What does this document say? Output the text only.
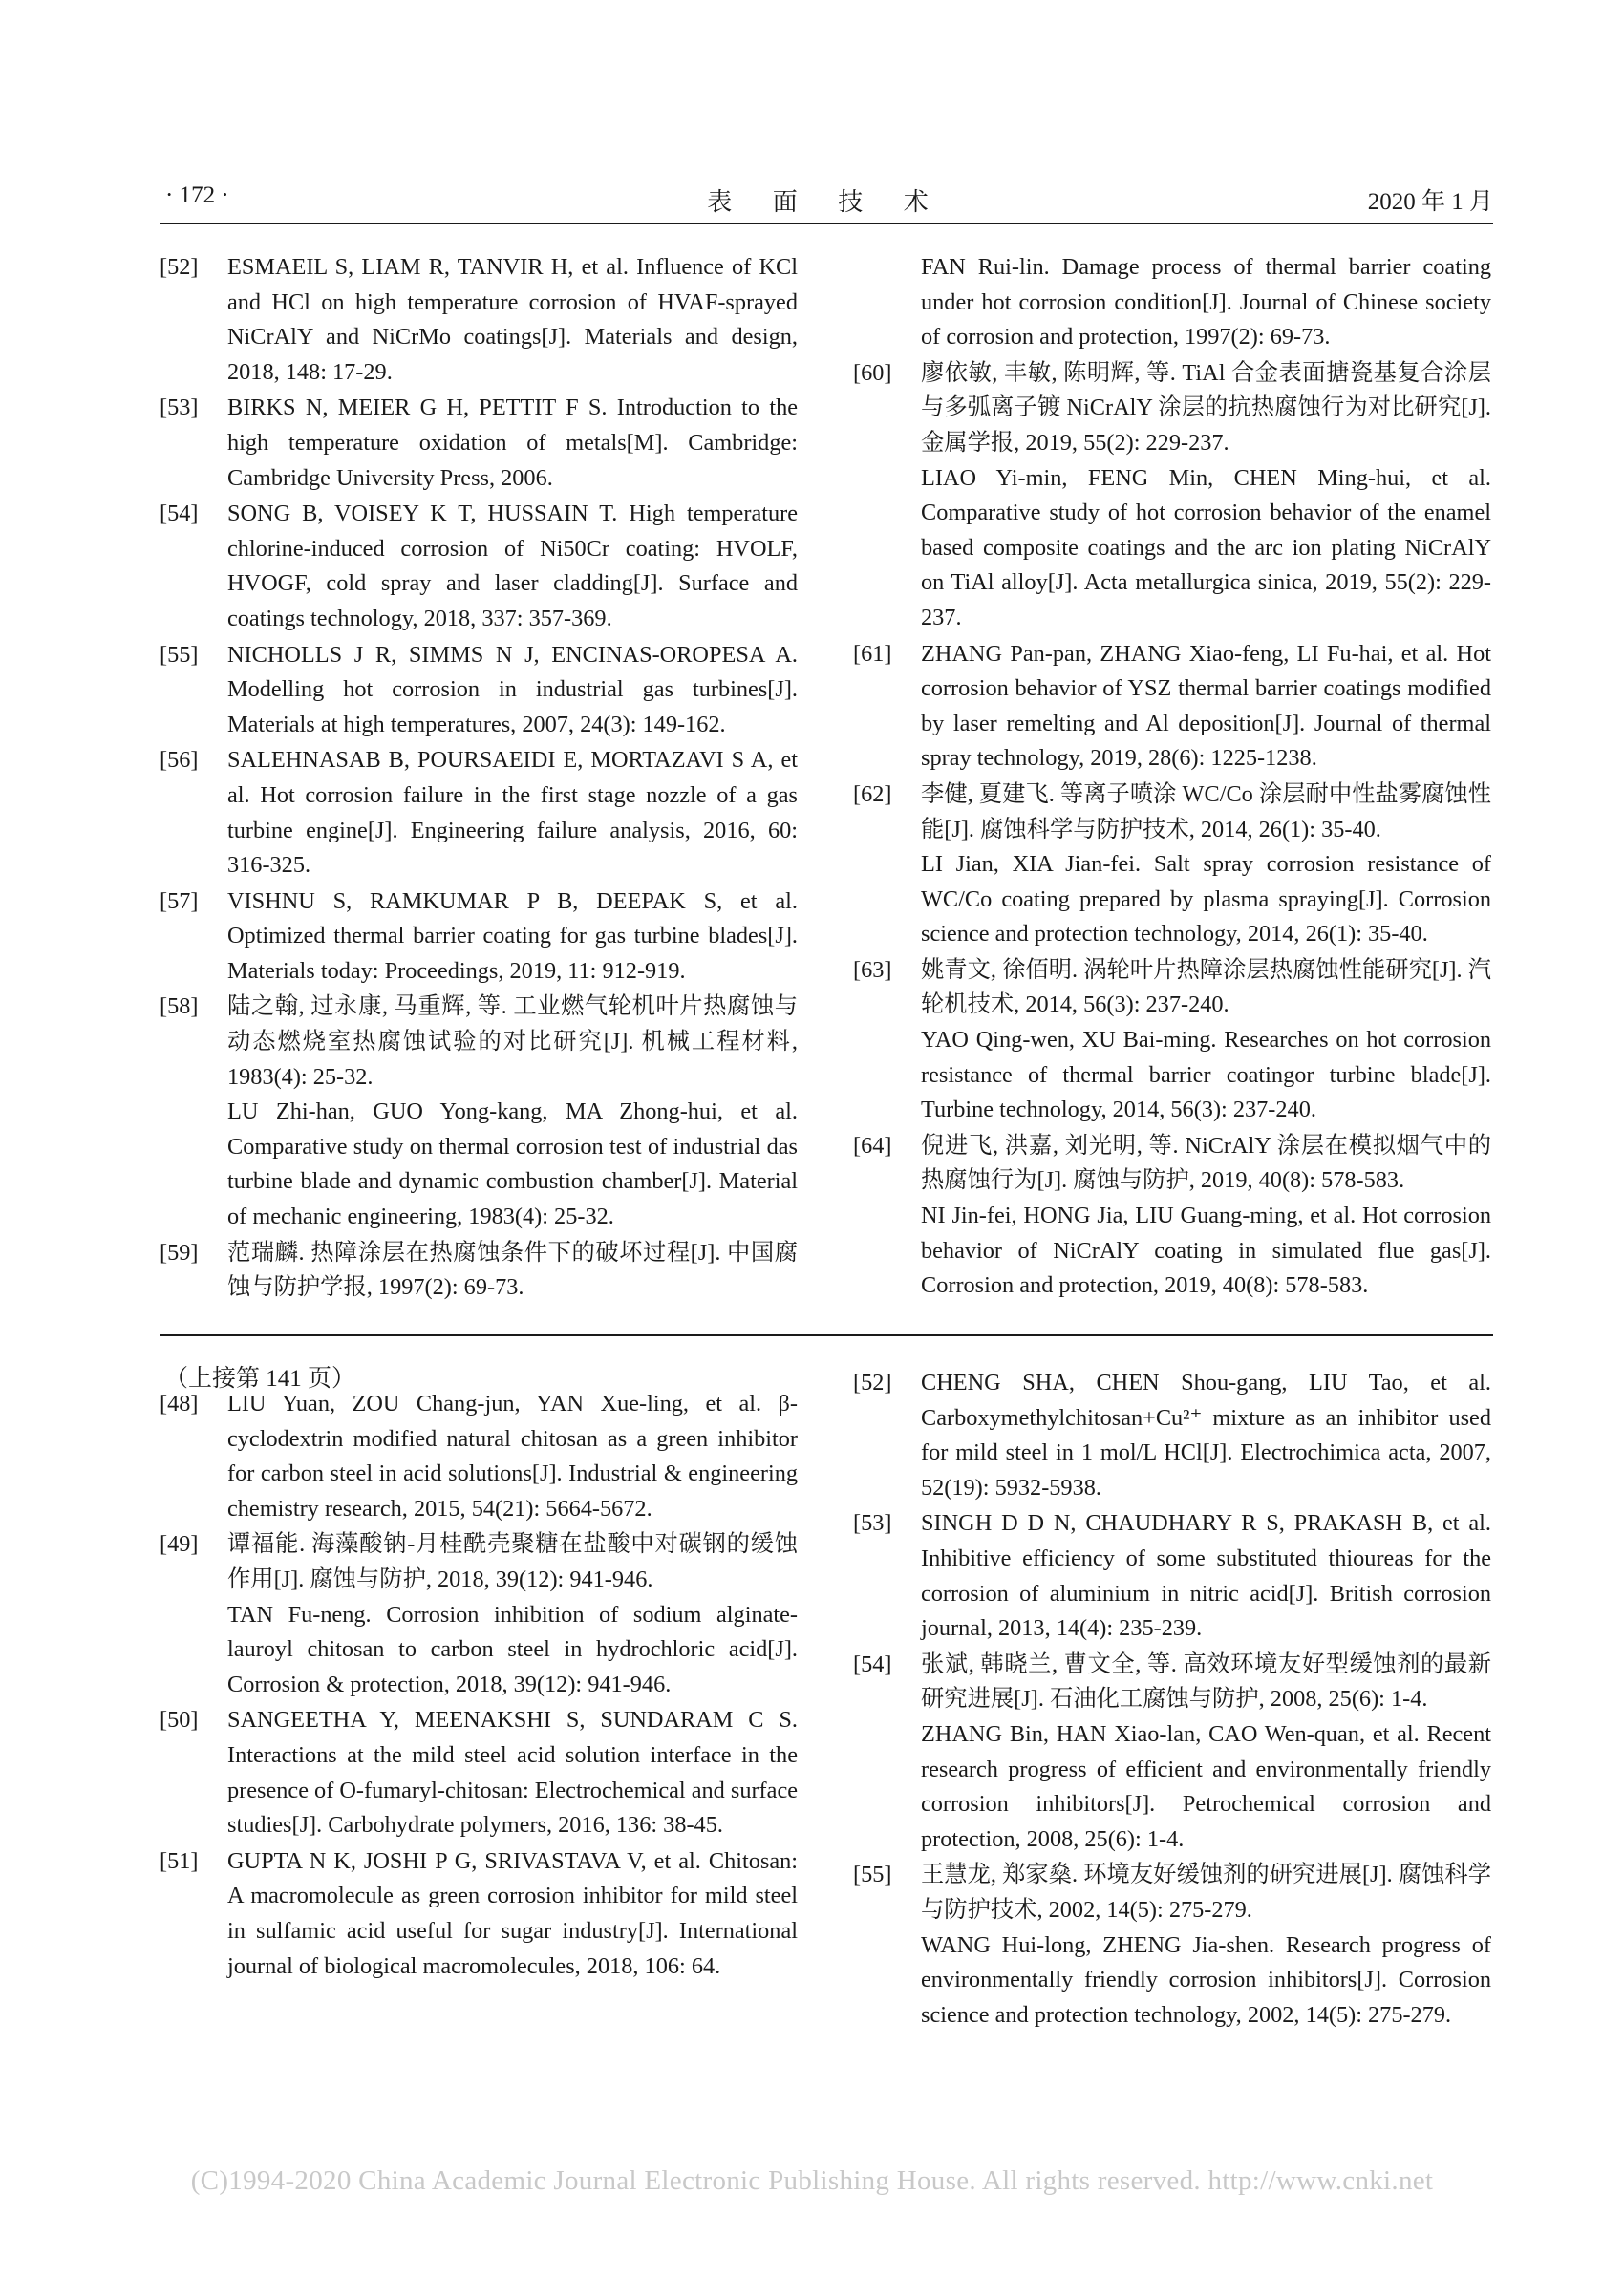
· 172 ·	表 面 技 术	2020 年 1 月
[52] ESMAEIL S, LIAM R, TANVIR H, et al. Influence of KCl and HCl on high temperature corrosion of HVAF-sprayed NiCrAlY and NiCrMo coatings[J]. Materials and design, 2018, 148: 17-29.
[53] BIRKS N, MEIER G H, PETTIT F S. Introduction to the high temperature oxidation of metals[M]. Cambridge: Cambridge University Press, 2006.
[54] SONG B, VOISEY K T, HUSSAIN T. High temperature chlorine-induced corrosion of Ni50Cr coating: HVOLF, HVOGF, cold spray and laser cladding[J]. Surface and coatings technology, 2018, 337: 357-369.
[55] NICHOLLS J R, SIMMS N J, ENCINAS-OROPESA A. Modelling hot corrosion in industrial gas turbines[J]. Materials at high temperatures, 2007, 24(3): 149-162.
[56] SALEHNASAB B, POURSAEIDI E, MORTAZAVI S A, et al. Hot corrosion failure in the first stage nozzle of a gas turbine engine[J]. Engineering failure analysis, 2016, 60: 316-325.
[57] VISHNU S, RAMKUMAR P B, DEEPAK S, et al. Optimized thermal barrier coating for gas turbine blades[J]. Materials today: Proceedings, 2019, 11: 912-919.
[58] 陆之翰, 过永康, 马重辉, 等. 工业燃气轮机叶片热腐蚀与动态燃烧室热腐蚀试验的对比研究[J]. 机械工程材料, 1983(4): 25-32.
LU Zhi-han, GUO Yong-kang, MA Zhong-hui, et al. Comparative study on thermal corrosion test of industrial das turbine blade and dynamic combustion chamber[J]. Material of mechanic engineering, 1983(4): 25-32.
[59] 范瑞麟. 热障涂层在热腐蚀条件下的破坏过程[J]. 中国腐蚀与防护学报, 1997(2): 69-73.
FAN Rui-lin. Damage process of thermal barrier coating under hot corrosion condition[J]. Journal of Chinese society of corrosion and protection, 1997(2): 69-73.
[60] 廖依敏, 丰敏, 陈明辉, 等. TiAl 合金表面搪瓷基复合涂层与多弧离子镀 NiCrAlY 涂层的抗热腐蚀行为对比研究[J]. 金属学报, 2019, 55(2): 229-237.
LIAO Yi-min, FENG Min, CHEN Ming-hui, et al. Comparative study of hot corrosion behavior of the enamel based composite coatings and the arc ion plating NiCrAlY on TiAl alloy[J]. Acta metallurgica sinica, 2019, 55(2): 229-237.
[61] ZHANG Pan-pan, ZHANG Xiao-feng, LI Fu-hai, et al. Hot corrosion behavior of YSZ thermal barrier coatings modified by laser remelting and Al deposition[J]. Journal of thermal spray technology, 2019, 28(6): 1225-1238.
[62] 李健, 夏建飞. 等离子喷涂 WC/Co 涂层耐中性盐雾腐蚀性能[J]. 腐蚀科学与防护技术, 2014, 26(1): 35-40.
LI Jian, XIA Jian-fei. Salt spray corrosion resistance of WC/Co coating prepared by plasma spraying[J]. Corrosion science and protection technology, 2014, 26(1): 35-40.
[63] 姚青文, 徐佰明. 涡轮叶片热障涂层热腐蚀性能研究[J]. 汽轮机技术, 2014, 56(3): 237-240.
YAO Qing-wen, XU Bai-ming. Researches on hot corrosion resistance of thermal barrier coatingor turbine blade[J]. Turbine technology, 2014, 56(3): 237-240.
[64] 倪进飞, 洪嘉, 刘光明, 等. NiCrAlY 涂层在模拟烟气中的热腐蚀行为[J]. 腐蚀与防护, 2019, 40(8): 578-583.
NI Jin-fei, HONG Jia, LIU Guang-ming, et al. Hot corrosion behavior of NiCrAlY coating in simulated flue gas[J]. Corrosion and protection, 2019, 40(8): 578-583.
（上接第 141 页）
[48] LIU Yuan, ZOU Chang-jun, YAN Xue-ling, et al. β-cyclodextrin modified natural chitosan as a green inhibitor for carbon steel in acid solutions[J]. Industrial & engineering chemistry research, 2015, 54(21): 5664-5672.
[49] 谭福能. 海藻酸钠-月桂酰壳聚糖在盐酸中对碳钢的缓蚀作用[J]. 腐蚀与防护, 2018, 39(12): 941-946.
TAN Fu-neng. Corrosion inhibition of sodium alginate-lauroyl chitosan to carbon steel in hydrochloric acid[J]. Corrosion & protection, 2018, 39(12): 941-946.
[50] SANGEETHA Y, MEENAKSHI S, SUNDARAM C S. Interactions at the mild steel acid solution interface in the presence of O-fumaryl-chitosan: Electrochemical and surface studies[J]. Carbohydrate polymers, 2016, 136: 38-45.
[51] GUPTA N K, JOSHI P G, SRIVASTAVA V, et al. Chitosan: A macromolecule as green corrosion inhibitor for mild steel in sulfamic acid useful for sugar industry[J]. International journal of biological macromolecules, 2018, 106: 64.
[52] CHENG SHA, CHEN Shou-gang, LIU Tao, et al. Carboxymethylchitosan+Cu²⁺ mixture as an inhibitor used for mild steel in 1 mol/L HCl[J]. Electrochimica acta, 2007, 52(19): 5932-5938.
[53] SINGH D D N, CHAUDHARY R S, PRAKASH B, et al. Inhibitive efficiency of some substituted thioureas for the corrosion of aluminium in nitric acid[J]. British corrosion journal, 2013, 14(4): 235-239.
[54] 张斌, 韩晓兰, 曹文全, 等. 高效环境友好型缓蚀剂的最新研究进展[J]. 石油化工腐蚀与防护, 2008, 25(6): 1-4.
ZHANG Bin, HAN Xiao-lan, CAO Wen-quan, et al. Recent research progress of efficient and environmentally friendly corrosion inhibitors[J]. Petrochemical corrosion and protection, 2008, 25(6): 1-4.
[55] 王慧龙, 郑家燊. 环境友好缓蚀剂的研究进展[J]. 腐蚀科学与防护技术, 2002, 14(5): 275-279.
WANG Hui-long, ZHENG Jia-shen. Research progress of environmentally friendly corrosion inhibitors[J]. Corrosion science and protection technology, 2002, 14(5): 275-279.
(C)1994-2020 China Academic Journal Electronic Publishing House. All rights reserved. http://www.cnki.net
